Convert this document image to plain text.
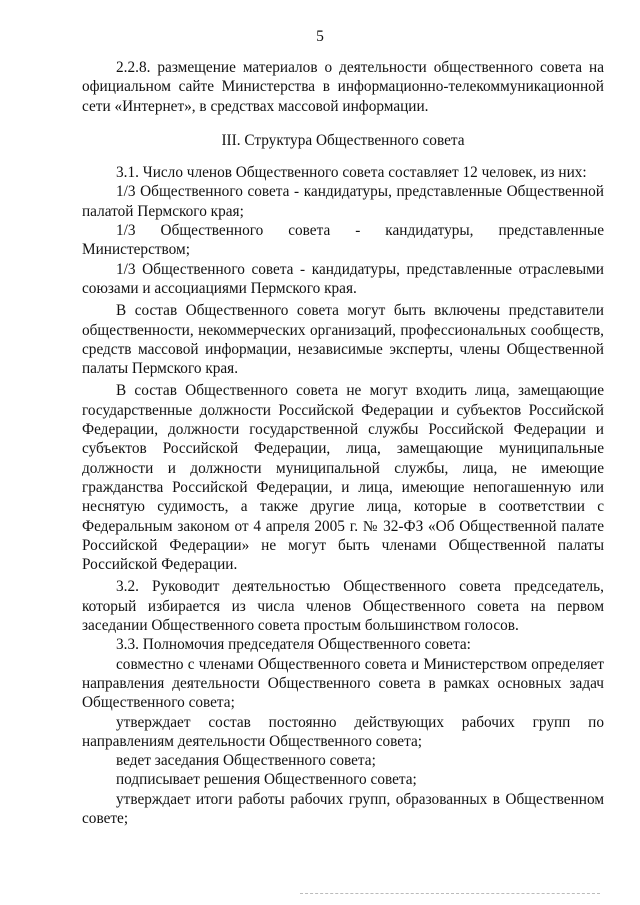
5

2.2.8. размещение материалов о деятельности общественного совета на официальном сайте Министерства в информационно-телекоммуникационной сети «Интернет», в средствах массовой информации.

III. Структура Общественного совета

3.1. Число членов Общественного совета составляет 12 человек, из них:

1/3 Общественного совета - кандидатуры, представленные Общественной палатой Пермского края;

1/3 Общественного совета - кандидатуры, представленные Министерством;

1/3 Общественного совета - кандидатуры, представленные отраслевыми союзами и ассоциациями Пермского края.

В состав Общественного совета могут быть включены представители общественности, некоммерческих организаций, профессиональных сообществ, средств массовой информации, независимые эксперты, члены Общественной палаты Пермского края.

В состав Общественного совета не могут входить лица, замещающие государственные должности Российской Федерации и субъектов Российской Федерации, должности государственной службы Российской Федерации и субъектов Российской Федерации, лица, замещающие муниципальные должности и должности муниципальной службы, лица, не имеющие гражданства Российской Федерации, и лица, имеющие непогашенную или неснятую судимость, а также другие лица, которые в соответствии с Федеральным законом от 4 апреля 2005 г. № 32-ФЗ «Об Общественной палате Российской Федерации» не могут быть членами Общественной палаты Российской Федерации.

3.2. Руководит деятельностью Общественного совета председатель, который избирается из числа членов Общественного совета на первом заседании Общественного совета простым большинством голосов.

3.3. Полномочия председателя Общественного совета:

совместно с членами Общественного совета и Министерством определяет направления деятельности Общественного совета в рамках основных задач Общественного совета;

утверждает состав постоянно действующих рабочих групп по направлениям деятельности Общественного совета;

ведет заседания Общественного совета;

подписывает решения Общественного совета;

утверждает итоги работы рабочих групп, образованных в Общественном совете;
